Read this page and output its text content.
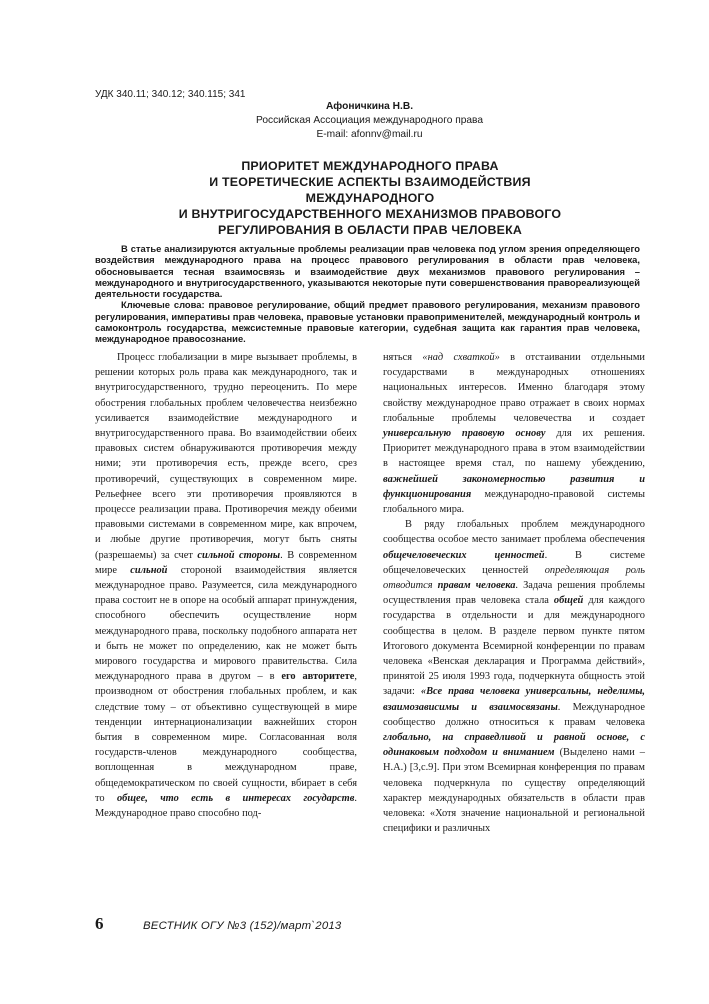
УДК 340.11; 340.12; 340.115; 341
Афоничкина Н.В.
Российская Ассоциация международного права
E-mail: afonnv@mail.ru
ПРИОРИТЕТ МЕЖДУНАРОДНОГО ПРАВА
И ТЕОРЕТИЧЕСКИЕ АСПЕКТЫ ВЗАИМОДЕЙСТВИЯ МЕЖДУНАРОДНОГО
И ВНУТРИГОСУДАРСТВЕННОГО МЕХАНИЗМОВ ПРАВОВОГО
РЕГУЛИРОВАНИЯ В ОБЛАСТИ ПРАВ ЧЕЛОВЕКА

В статье анализируются актуальные проблемы реализации прав человека под углом зрения определяющего воздействия международного права на процесс правового регулирования в области прав человека, обосновывается тесная взаимосвязь и взаимодействие двух механизмов правового регулирования – международного и внутригосударственного, указываются некоторые пути совершенствования правореализующей деятельности государства.

Ключевые слова: правовое регулирование, общий предмет правового регулирования, механизм правового регулирования, императивы прав человека, правовые установки правоприменителей, международный контроль и самоконтроль государства, межсистемные правовые категории, судебная защита как гарантия прав человека, международное правосознание.

Процесс глобализации в мире вызывает проблемы, в решении которых роль права как международного, так и внутригосударственного, трудно переоценить. По мере обострения глобальных проблем человечества неизбежно усиливается взаимодействие международного и внутригосударственного права. Во взаимодействии обеих правовых систем обнаруживаются противоречия между ними; эти противоречия есть, прежде всего, срез противоречий, существующих в современном мире. Рельефнее всего эти противоречия проявляются в процессе реализации права. Противоречия между обеими правовыми системами в современном мире, как впрочем, и любые другие противоречия, могут быть сняты (разрешаемы) за счет сильной стороны. В современном мире сильной стороной взаимодействия является международное право. Разумеется, сила международного права состоит не в опоре на особый аппарат принуждения, способного обеспечить осуществление норм международного права, поскольку подобного аппарата нет и быть не может по определению, как не может быть мирового государства и мирового правительства. Сила международного права в другом – в его авторитете, производном от обострения глобальных проблем, и как следствие тому – от объективно существующей в мире тенденции интернационализации важнейших сторон бытия в современном мире. Согласованная воля государств-членов международного сообщества, воплощенная в международном праве, общедемократическом по своей сущности, вбирает в себя то общее, что есть в интересах государств. Международное право способно под-

няться «над схваткой» в отстаивании отдельными государствами в международных отношениях национальных интересов. Именно благодаря этому свойству международное право отражает в своих нормах глобальные проблемы человечества и создает универсальную правовую основу для их решения. Приоритет международного права в этом взаимодействии в настоящее время стал, по нашему убеждению, важнейшей закономерностью развития и функционирования международно-правовой системы глобального мира.

В ряду глобальных проблем международного сообщества особое место занимает проблема обеспечения общечеловеческих ценностей. В системе общечеловеческих ценностей определяющая роль отводится правам человека. Задача решения проблемы осуществления прав человека стала общей для каждого государства в отдельности и для международного сообщества в целом. В разделе первом пункте пятом Итогового документа Всемирной конференции по правам человека «Венская декларация и Программа действий», принятой 25 июля 1993 года, подчеркнута общность этой задачи: «Все права человека универсальны, неделимы, взаимозависимы и взаимосвязаны. Международное сообщество должно относиться к правам человека глобально, на справедливой и равной основе, с одинаковым подходом и вниманием (Выделено нами – Н.А.) [3,с.9]. При этом Всемирная конференция по правам человека подчеркнула по существу определяющий характер международных обязательств в области прав человека: «Хотя значение национальной и региональной специфики и различных

6	ВЕСТНИК ОГУ №3 (152)/март`2013
